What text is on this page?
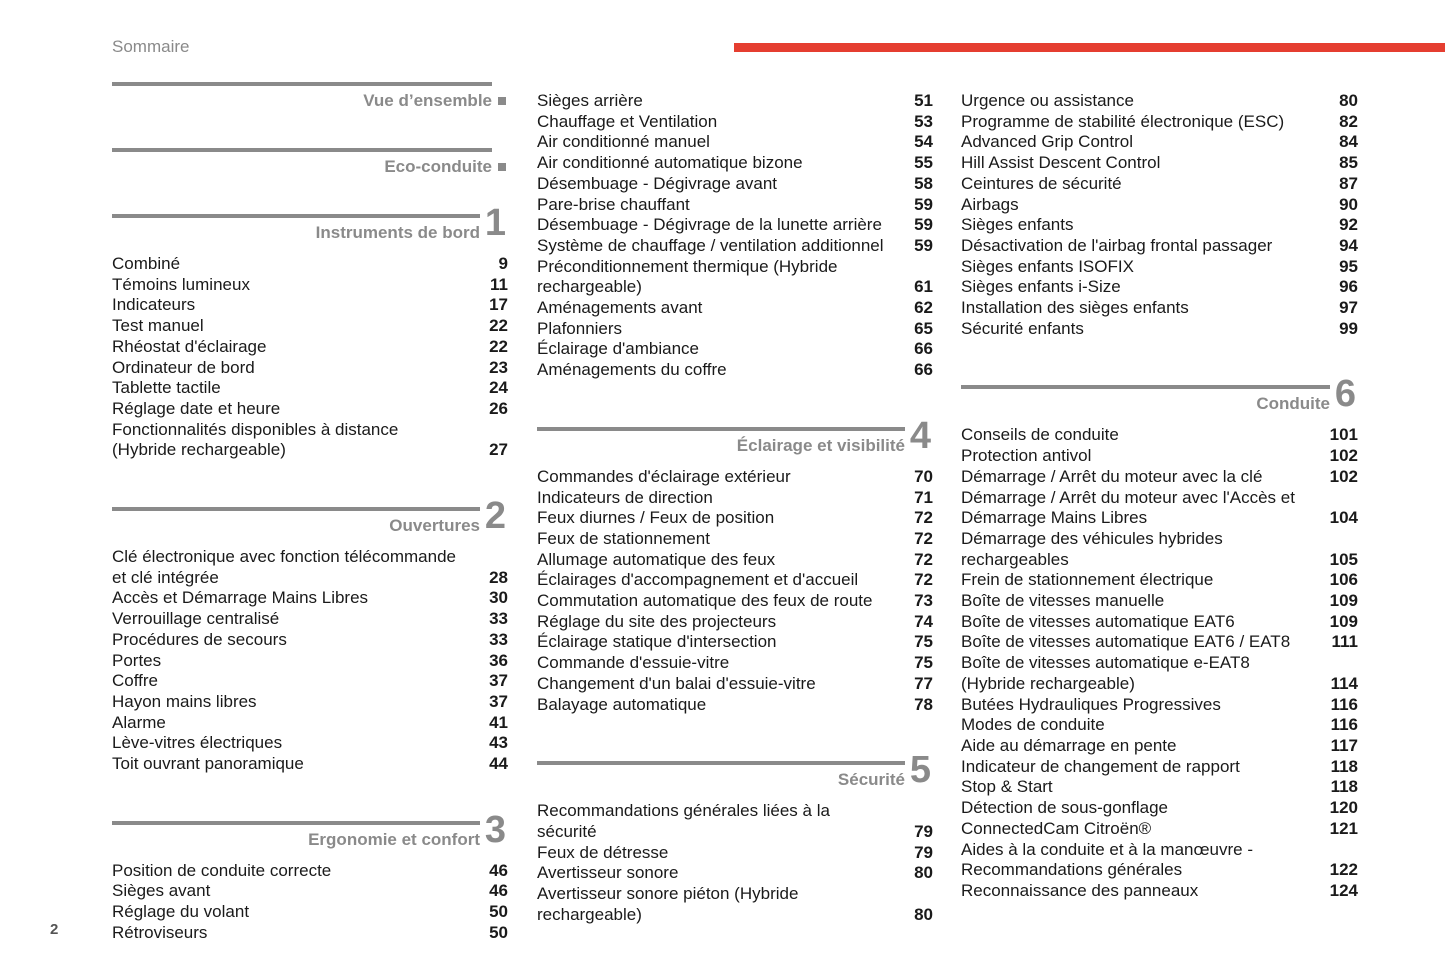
Sommaire
2
Vue d’ensemble
Eco-conduite
Instruments de bord 1
Combiné	9
Témoins lumineux	11
Indicateurs	17
Test manuel	22
Rhéostat d'éclairage	22
Ordinateur de bord	23
Tablette tactile	24
Réglage date et heure	26
Fonctionnalités disponibles à distance (Hybride rechargeable)	27
Ouvertures 2
Clé électronique avec fonction télécommande et clé intégrée	28
Accès et Démarrage Mains Libres	30
Verrouillage centralisé	33
Procédures de secours	33
Portes	36
Coffre	37
Hayon mains libres	37
Alarme	41
Lève-vitres électriques	43
Toit ouvrant panoramique	44
Ergonomie et confort 3
Position de conduite correcte	46
Sièges avant	46
Réglage du volant	50
Rétroviseurs	50
Sièges arrière	51
Chauffage et Ventilation	53
Air conditionné manuel	54
Air conditionné automatique bizone	55
Désembuage - Dégivrage avant	58
Pare-brise chauffant	59
Désembuage - Dégivrage de la lunette arrière	59
Système de chauffage / ventilation additionnel	59
Préconditionnement thermique (Hybride rechargeable)	61
Aménagements avant	62
Plafonniers	65
Éclairage d'ambiance	66
Aménagements du coffre	66
Éclairage et visibilité 4
Commandes d'éclairage extérieur	70
Indicateurs de direction	71
Feux diurnes / Feux de position	72
Feux de stationnement	72
Allumage automatique des feux	72
Éclairages d'accompagnement et d'accueil	72
Commutation automatique des feux de route	73
Réglage du site des projecteurs	74
Éclairage statique d'intersection	75
Commande d'essuie-vitre	75
Changement d'un balai d'essuie-vitre	77
Balayage automatique	78
Sécurité 5
Recommandations générales liées à la sécurité	79
Feux de détresse	79
Avertisseur sonore	80
Avertisseur sonore piéton (Hybride rechargeable)	80
Urgence ou assistance	80
Programme de stabilité électronique (ESC)	82
Advanced Grip Control	84
Hill Assist Descent Control	85
Ceintures de sécurité	87
Airbags	90
Sièges enfants	92
Désactivation de l'airbag frontal passager	94
Sièges enfants ISOFIX	95
Sièges enfants i-Size	96
Installation des sièges enfants	97
Sécurité enfants	99
Conduite 6
Conseils de conduite	101
Protection antivol	102
Démarrage / Arrêt du moteur avec la clé	102
Démarrage / Arrêt du moteur avec l'Accès et Démarrage Mains Libres	104
Démarrage des véhicules hybrides rechargeables	105
Frein de stationnement électrique	106
Boîte de vitesses manuelle	109
Boîte de vitesses automatique EAT6	109
Boîte de vitesses automatique EAT6 / EAT8	111
Boîte de vitesses automatique e-EAT8 (Hybride rechargeable)	114
Butées Hydrauliques Progressives	116
Modes de conduite	116
Aide au démarrage en pente	117
Indicateur de changement de rapport	118
Stop & Start	118
Détection de sous-gonflage	120
ConnectedCam Citroën®	121
Aides à la conduite et à la manœuvre - Recommandations générales	122
Reconnaissance des panneaux	124
